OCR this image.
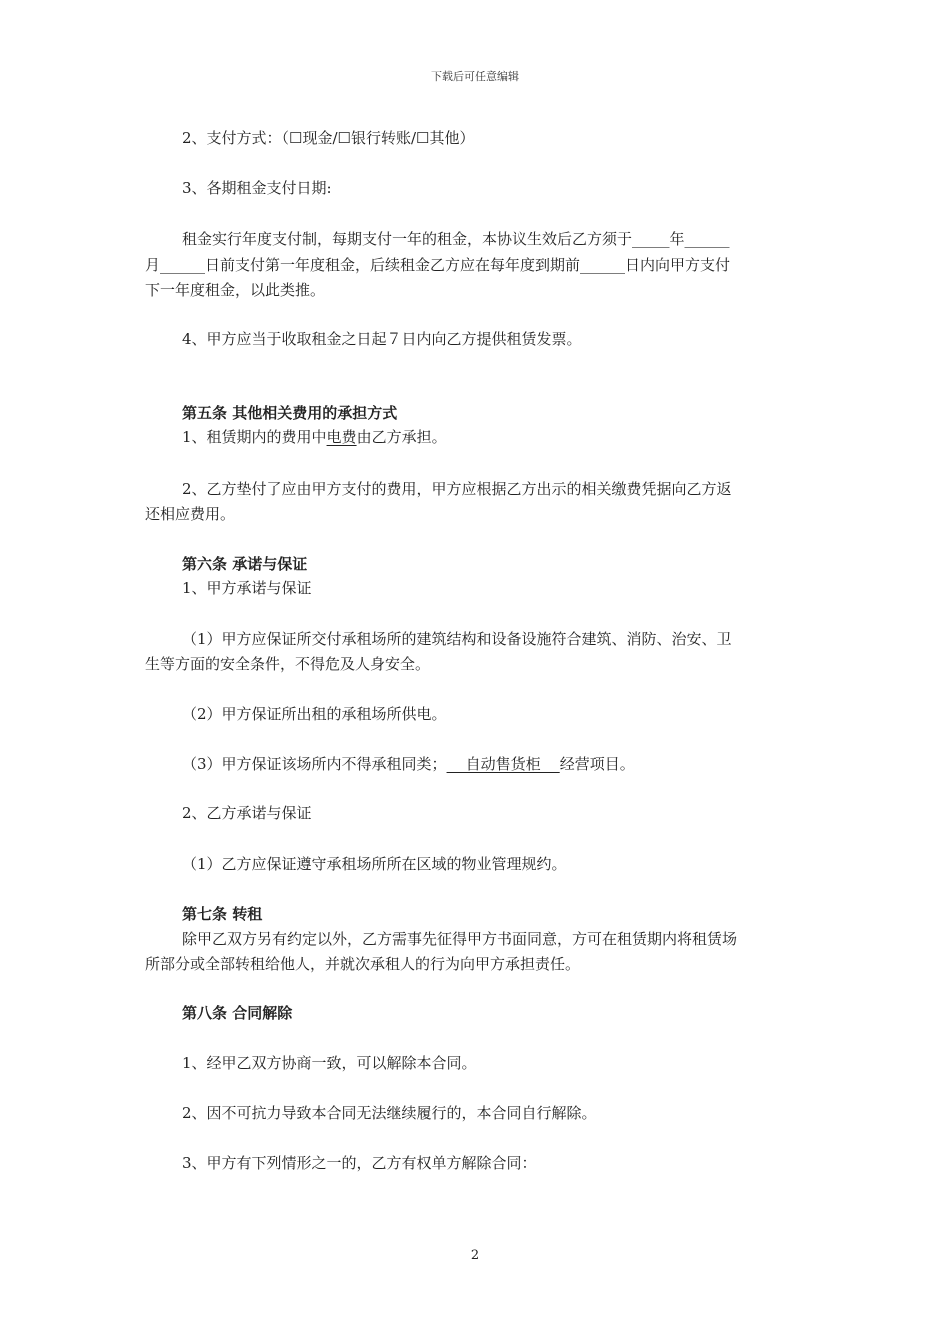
下载后可任意编辑
2、支付方式：（☐现金/☐银行转账/☐其他）
3、各期租金支付日期:
租金实行年度支付制，每期支付一年的租金，本协议生效后乙方须于_____年______
月______日前支付第一年度租金，后续租金乙方应在每年度到期前______日内向甲方支付
下一年度租金，以此类推。
4、甲方应当于收取租金之日起７日内向乙方提供租赁发票。
第五条 其他相关费用的承担方式
1、租赁期内的费用中电费由乙方承担。
2、乙方垫付了应由甲方支付的费用，甲方应根据乙方出示的相关缴费凭据向乙方返
还相应费用。
第六条 承诺与保证
1、甲方承诺与保证
（1）甲方应保证所交付承租场所的建筑结构和设备设施符合建筑、消防、治安、卫
生等方面的安全条件，不得危及人身安全。
（2）甲方保证所出租的承租场所供电。
（3）甲方保证该场所内不得承租同类；    自动售货柜    经营项目。
2、乙方承诺与保证
（1）乙方应保证遵守承租场所所在区域的物业管理规约。
第七条 转租
除甲乙双方另有约定以外，乙方需事先征得甲方书面同意，方可在租赁期内将租赁场
所部分或全部转租给他人，并就次承租人的行为向甲方承担责任。
第八条 合同解除
1、经甲乙双方协商一致，可以解除本合同。
2、因不可抗力导致本合同无法继续履行的，本合同自行解除。
3、甲方有下列情形之一的，乙方有权单方解除合同：
2
